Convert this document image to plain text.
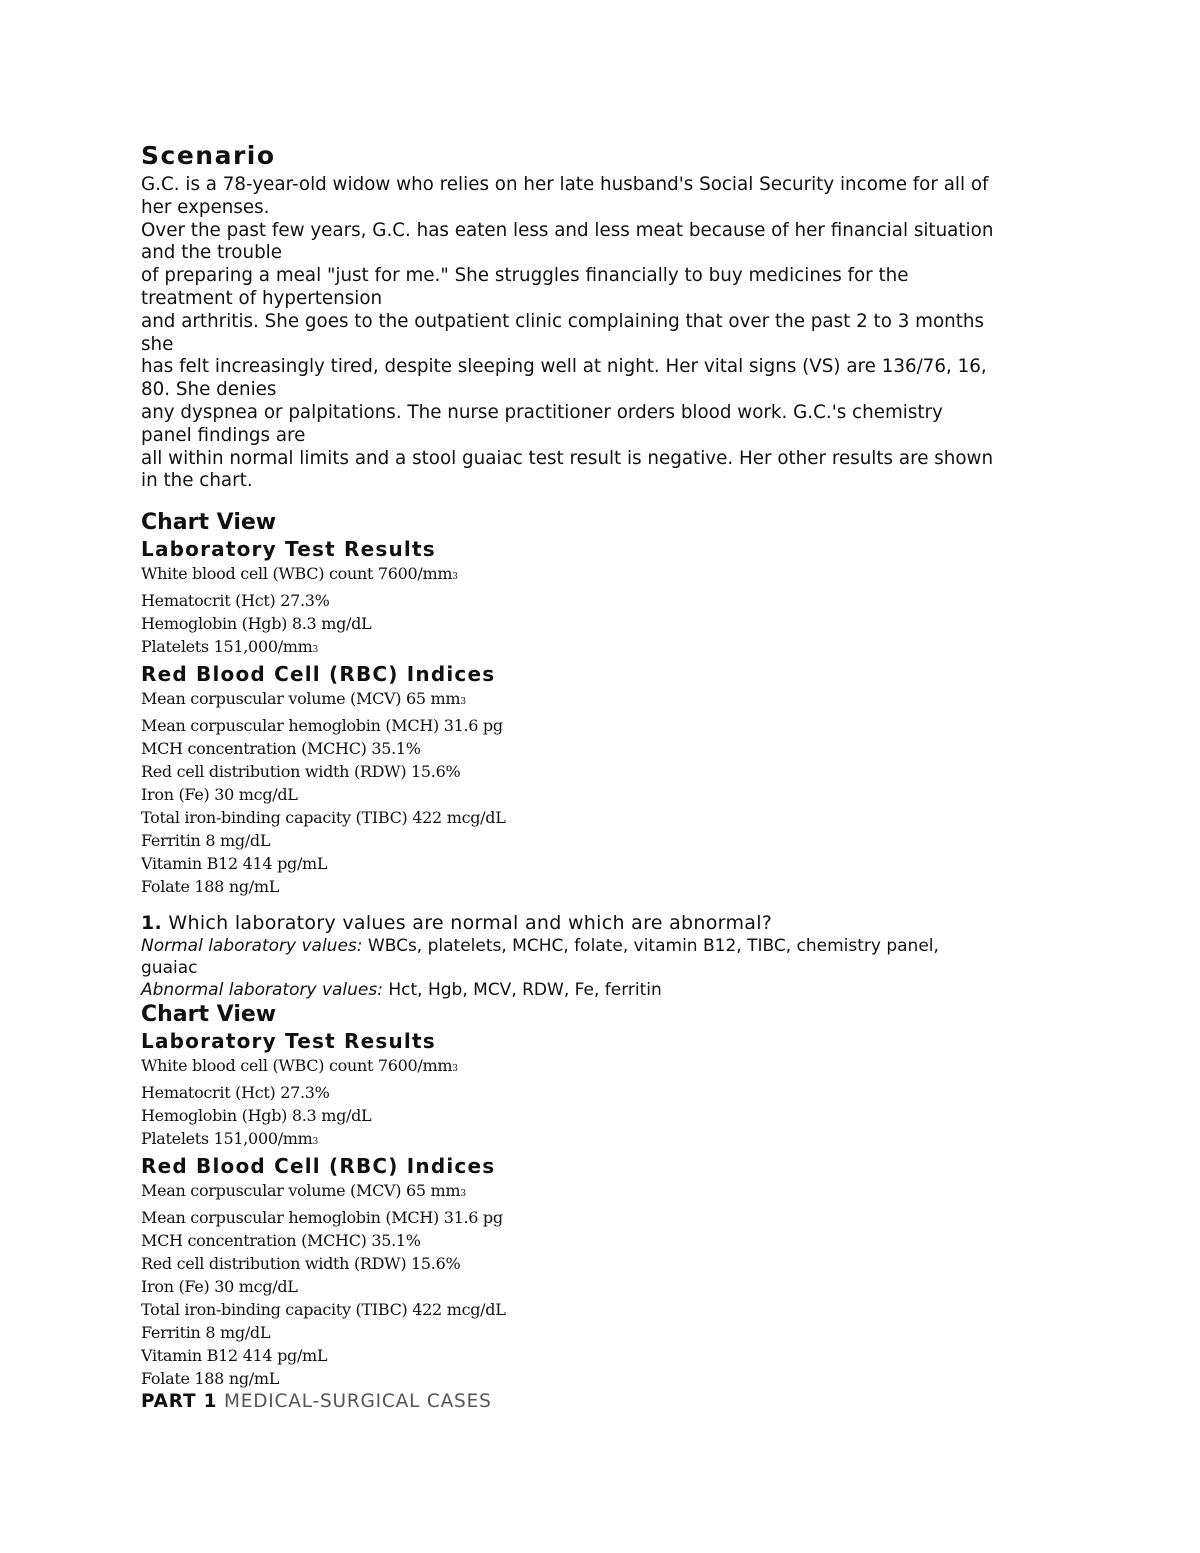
Scenario

G.C. is a 78-year-old widow who relies on her late husband's Social Security income for all of

her expenses.

Over the past few years, G.C. has eaten less and less meat because of her financial situation

and the trouble

of preparing a meal "just for me." She struggles financially to buy medicines for the

treatment of hypertension

and arthritis. She goes to the outpatient clinic complaining that over the past 2 to 3 months

she

has felt increasingly tired, despite sleeping well at night. Her vital signs (VS) are 136/76, 16,

80. She denies

any dyspnea or palpitations. The nurse practitioner orders blood work. G.C.'s chemistry

panel findings are

all within normal limits and a stool guaiac test result is negative. Her other results are shown

in the chart.

Chart View
Laboratory Test Results

White blood cell (WBC) count 7600/mm3

Hematocrit (Hct) 27.3%

Hemoglobin (Hgb) 8.3 mg/dL

Platelets 151,000/mm3

Red Blood Cell (RBC) Indices

Mean corpuscular volume (MCV) 65 mm3

Mean corpuscular hemoglobin (MCH) 31.6 pg

MCH concentration (MCHC) 35.1%

Red cell distribution width (RDW) 15.6%

Iron (Fe) 30 mcg/dL

Total iron-binding capacity (TIBC) 422 mcg/dL

Ferritin 8 mg/dL

Vitamin B12 414 pg/mL

Folate 188 ng/mL

1. Which laboratory values are normal and which are abnormal?

Normal laboratory values: WBCs, platelets, MCHC, folate, vitamin B12, TIBC, chemistry panel,

guaiac

Abnormal laboratory values: Hct, Hgb, MCV, RDW, Fe, ferritin

Chart View
Laboratory Test Results

White blood cell (WBC) count 7600/mm3

Hematocrit (Hct) 27.3%

Hemoglobin (Hgb) 8.3 mg/dL

Platelets 151,000/mm3

Red Blood Cell (RBC) Indices

Mean corpuscular volume (MCV) 65 mm3

Mean corpuscular hemoglobin (MCH) 31.6 pg

MCH concentration (MCHC) 35.1%

Red cell distribution width (RDW) 15.6%

Iron (Fe) 30 mcg/dL

Total iron-binding capacity (TIBC) 422 mcg/dL

Ferritin 8 mg/dL

Vitamin B12 414 pg/mL

Folate 188 ng/mL

PART 1 MEDICAL-SURGICAL CASES
